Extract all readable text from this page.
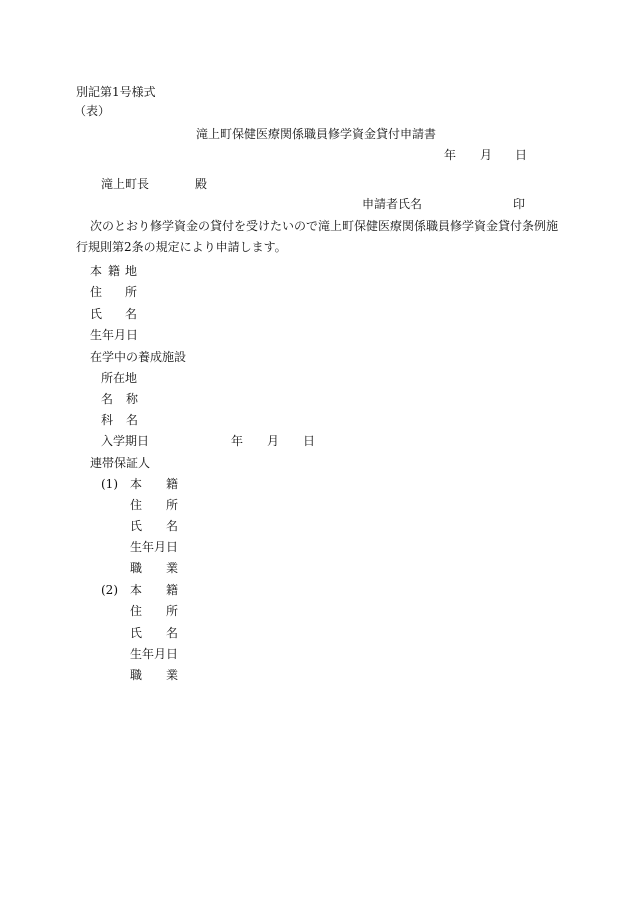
別記第1号様式
（表）
滝上町保健医療関係職員修学資金貸付申請書
年 月 日
滝上町長	殿
申請者氏名	印
次のとおり修学資金の貸付を受けたいので滝上町保健医療関係職員修学資金貸付条例施
行規則第2条の規定により申請します。
本 籍 地
住 所
氏 名
生年月日
在学中の養成施設
所在地
名 称
科 名
入学期日	年 月 日
連帯保証人
(1) 本 籍
住 所
氏 名
生年月日
職 業
(2) 本 籍
住 所
氏 名
生年月日
職 業
